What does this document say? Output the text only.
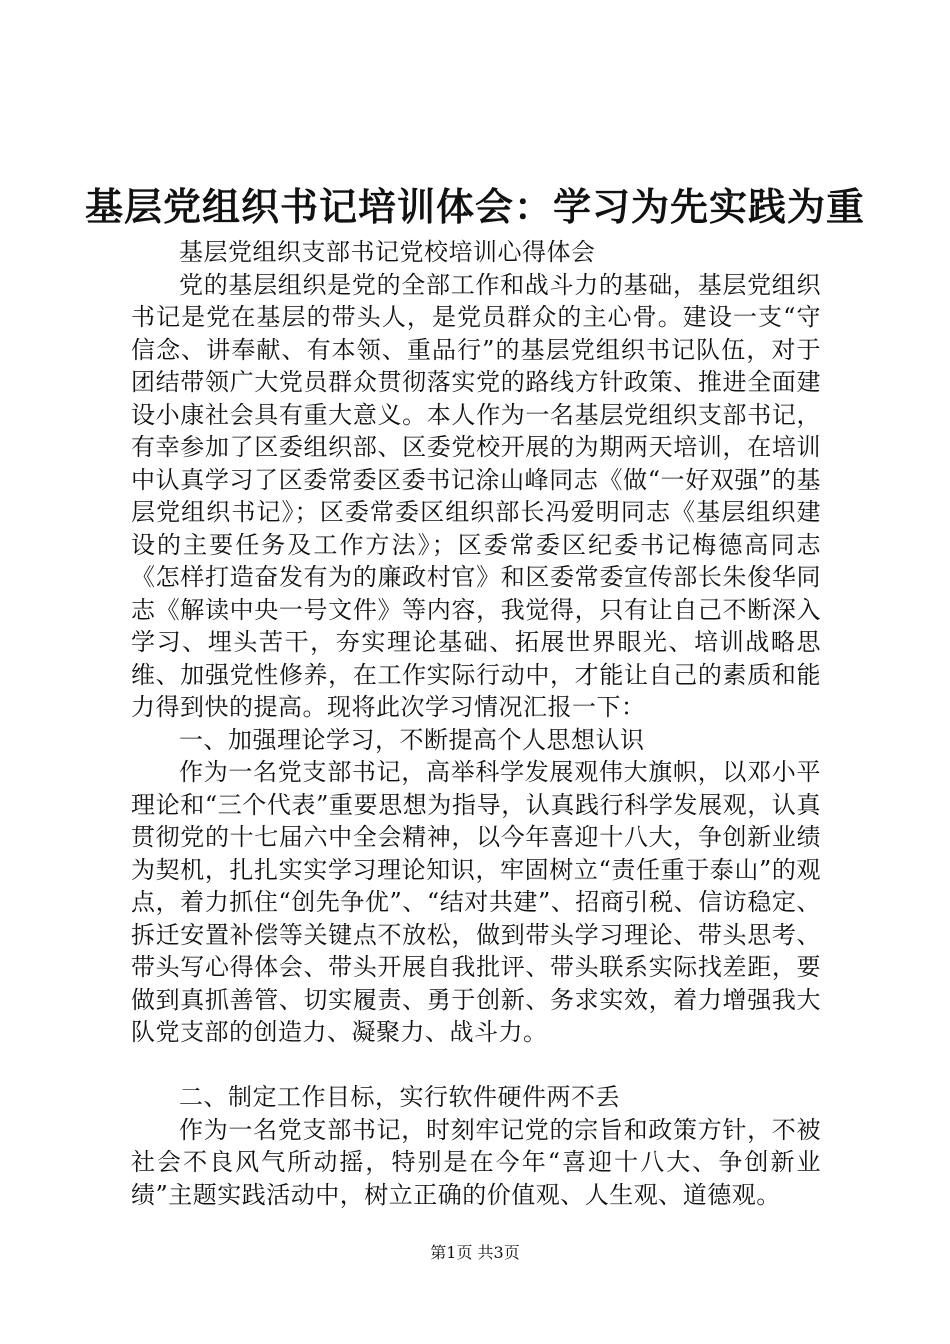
基层党组织书记培训体会：学习为先实践为重

基层党组织支部书记党校培训心得体会

党的基层组织是党的全部工作和战斗力的基础，基层党组织书记是党在基层的带头人，是党员群众的主心骨。建设一支“守信念、讲奉献、有本领、重品行”的基层党组织书记队伍，对于团结带领广大党员群众贯彻落实党的路线方针政策、推进全面建设小康社会具有重大意义。本人作为一名基层党组织支部书记，有幸参加了区委组织部、区委党校开展的为期两天培训，在培训中认真学习了区委常委区委书记涂山峰同志《做“一好双强”的基层党组织书记》；区委常委区组织部长冯爱明同志《基层组织建设的主要任务及工作方法》；区委常委区纪委书记梅德高同志《怎样打造奋发有为的廉政村官》和区委常委宣传部长朱俊华同志《解读中央一号文件》等内容，我觉得，只有让自己不断深入学习、埋头苦干，夯实理论基础、拓展世界眼光、培训战略思维、加强党性修养，在工作实际行动中，才能让自己的素质和能力得到快的提高。现将此次学习情况汇报一下：

一、加强理论学习，不断提高个人思想认识

作为一名党支部书记，高举科学发展观伟大旗帜，以邓小平理论和“三个代表”重要思想为指导，认真践行科学发展观，认真贯彻党的十七届六中全会精神，以今年喜迎十八大，争创新业绩为契机，扎扎实实学习理论知识，牢固树立“责任重于泰山”的观点，着力抓住“创先争优”、“结对共建”、招商引税、信访稳定、拆迁安置补偿等关键点不放松，做到带头学习理论、带头思考、带头写心得体会、带头开展自我批评、带头联系实际找差距，要做到真抓善管、切实履责、勇于创新、务求实效，着力增强我大队党支部的创造力、凝聚力、战斗力。

二、制定工作目标，实行软件硬件两不丢

作为一名党支部书记，时刻牢记党的宗旨和政策方针，不被社会不良风气所动摇，特别是在今年“喜迎十八大、争创新业绩”主题实践活动中，树立正确的价值观、人生观、道德观。

第1页 共3页
